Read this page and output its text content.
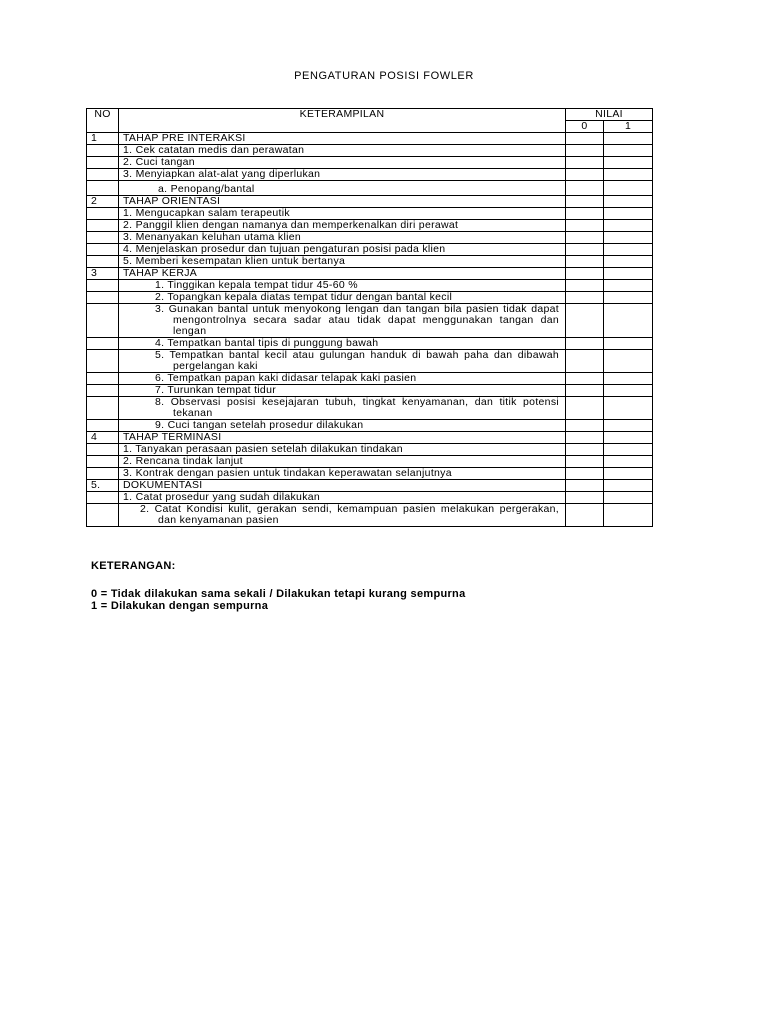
PENGATURAN POSISI FOWLER
NO	KETERAMPILAN	NILAI	
		0	1
1	TAHAP PRE INTERAKSI		
	1. Cek catatan medis dan perawatan		
	2. Cuci tangan		
	3. Menyiapkan alat-alat yang diperlukan		
	a. Penopang/bantal		
2	TAHAP ORIENTASI		
	1. Mengucapkan salam terapeutik		
	2. Panggil klien dengan namanya dan memperkenalkan diri perawat		
	3. Menanyakan keluhan utama klien		
	4. Menjelaskan prosedur dan tujuan pengaturan posisi pada klien		
	5. Memberi kesempatan klien untuk bertanya		
3	TAHAP KERJA		
	1. Tinggikan kepala tempat tidur 45-60 %		
	2. Topangkan kepala diatas tempat tidur dengan bantal kecil		

	3. Gunakan bantal untuk menyokong lengan dan tangan bila pasien tidak dapat mengontrolnya secara sadar atau tidak dapat menggunakan tangan dan lengan		

	4. Tempatkan bantal tipis di punggung bawah		

	5. Tempatkan bantal kecil atau gulungan handuk di bawah paha dan dibawah pergelangan kaki		

	6. Tempatkan papan kaki didasar telapak kaki pasien		
	7. Turunkan tempat tidur		

	8. Observasi posisi kesejajaran tubuh, tingkat kenyamanan, dan titik potensi tekanan		

	9. Cuci tangan setelah prosedur dilakukan		
4	TAHAP TERMINASI		
	1. Tanyakan perasaan pasien setelah dilakukan tindakan		
	2. Rencana tindak lanjut		
	3. Kontrak dengan pasien untuk tindakan keperawatan selanjutnya		
5.	DOKUMENTASI		
	1. Catat prosedur yang sudah dilakukan		

	2. Catat Kondisi kulit, gerakan sendi, kemampuan pasien melakukan pergerakan, dan kenyamanan pasien		

KETERANGAN:
0 = Tidak dilakukan sama sekali / Dilakukan tetapi kurang sempurna
1 = Dilakukan dengan sempurna
